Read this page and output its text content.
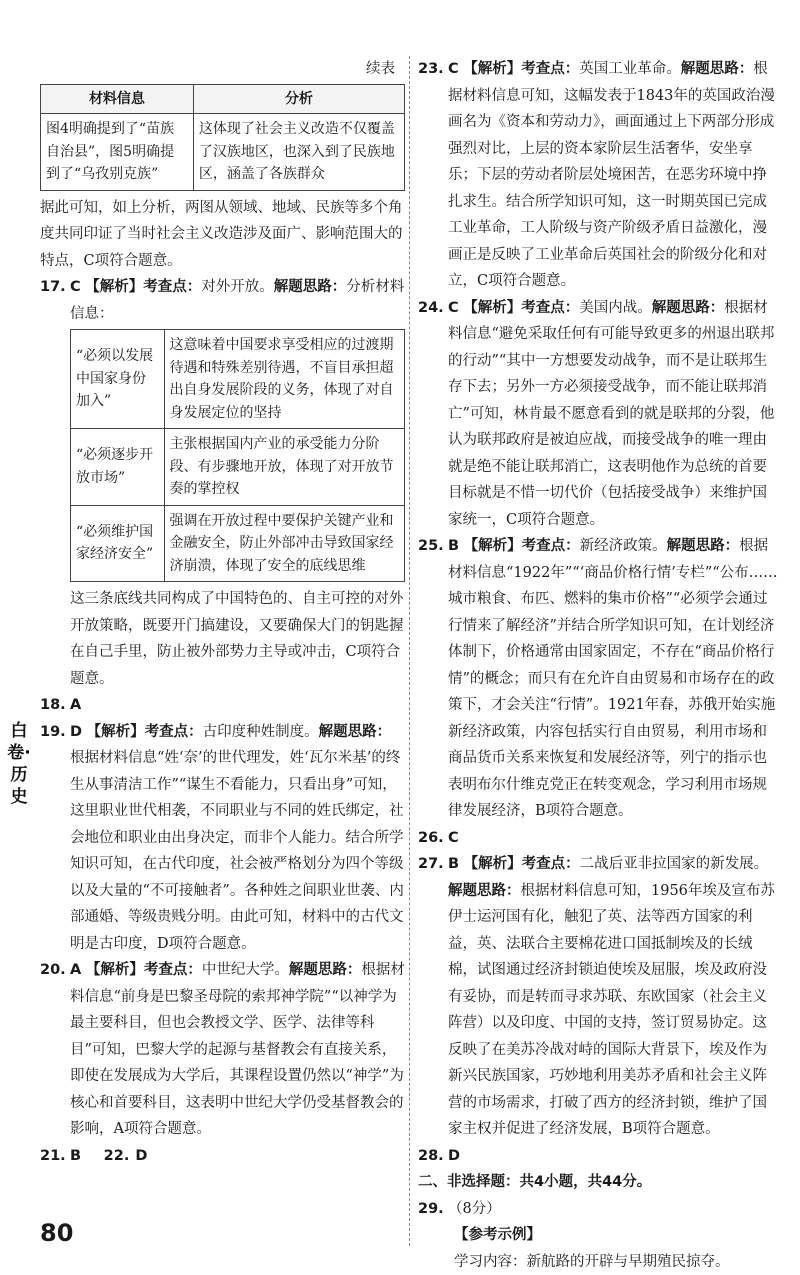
白卷·历史
续表
材料信息	分析
图4明确提到了“苗族自治县”，图5明确提到了“乌孜别克族”	这体现了社会主义改造不仅覆盖了汉族地区，也深入到了民族地区，涵盖了各族群众
据此可知，如上分析，两图从领域、地域、民族等多个角度共同印证了当时社会主义改造涉及面广、影响范围大的特点，C项符合题意。
17. C 【解析】考查点：对外开放。解题思路：分析材料信息：
“必须以发展中国家身份加入”	这意味着中国要求享受相应的过渡期待遇和特殊差别待遇，不盲目承担超出自身发展阶段的义务，体现了对自身发展定位的坚持
“必须逐步开放市场”	主张根据国内产业的承受能力分阶段、有步骤地开放，体现了对开放节奏的掌控权
“必须维护国家经济安全”	强调在开放过程中要保护关键产业和金融安全，防止外部冲击导致国家经济崩溃，体现了安全的底线思维
这三条底线共同构成了中国特色的、自主可控的对外开放策略，既要开门搞建设，又要确保大门的钥匙握在自己手里，防止被外部势力主导或冲击，C项符合题意。
18. A
19. D 【解析】考查点：古印度种姓制度。解题思路：根据材料信息“姓‘奈’的世代理发，姓‘瓦尔米基’的终生从事清洁工作”“谋生不看能力，只看出身”可知，这里职业世代相袭，不同职业与不同的姓氏绑定，社会地位和职业由出身决定，而非个人能力。结合所学知识可知，在古代印度，社会被严格划分为四个等级以及大量的“不可接触者”。各种姓之间职业世袭、内部通婚、等级贵贱分明。由此可知，材料中的古代文明是古印度，D项符合题意。
20. A 【解析】考查点：中世纪大学。解题思路：根据材料信息“前身是巴黎圣母院的索邦神学院”“以神学为最主要科目，但也会教授文学、医学、法律等科目”可知，巴黎大学的起源与基督教会有直接关系，即使在发展成为大学后，其课程设置仍然以“神学”为核心和首要科目，这表明中世纪大学仍受基督教会的影响，A项符合题意。
21. B 22. D
23. C 【解析】考查点：英国工业革命。解题思路：根据材料信息可知，这幅发表于1843年的英国政治漫画名为《资本和劳动力》，画面通过上下两部分形成强烈对比，上层的资本家阶层生活奢华，安坐享乐；下层的劳动者阶层处境困苦，在恶劣环境中挣扎求生。结合所学知识可知，这一时期英国已完成工业革命，工人阶级与资产阶级矛盾日益激化，漫画正是反映了工业革命后英国社会的阶级分化和对立，C项符合题意。
24. C 【解析】考查点：美国内战。解题思路：根据材料信息“避免采取任何有可能导致更多的州退出联邦的行动”“其中一方想要发动战争，而不是让联邦生存下去；另外一方必须接受战争，而不能让联邦消亡”可知，林肯最不愿意看到的就是联邦的分裂，他认为联邦政府是被迫应战，而接受战争的唯一理由就是绝不能让联邦消亡，这表明他作为总统的首要目标就是不惜一切代价（包括接受战争）来维护国家统一，C项符合题意。
25. B 【解析】考查点：新经济政策。解题思路：根据材料信息“1922年”“‘商品价格行情’专栏”“公布……城市粮食、布匹、燃料的集市价格”“必须学会通过行情来了解经济”并结合所学知识可知，在计划经济体制下，价格通常由国家固定，不存在“商品价格行情”的概念；而只有在允许自由贸易和市场存在的政策下，才会关注“行情”。1921年春，苏俄开始实施新经济政策，内容包括实行自由贸易，利用市场和商品货币关系来恢复和发展经济等，列宁的指示也表明布尔什维克党正在转变观念，学习利用市场规律发展经济，B项符合题意。
26. C
27. B 【解析】考查点：二战后亚非拉国家的新发展。解题思路：根据材料信息可知，1956年埃及宣布苏伊士运河国有化，触犯了英、法等西方国家的利益，英、法联合主要棉花进口国抵制埃及的长绒棉，试图通过经济封锁迫使埃及屈服，埃及政府没有妥协，而是转而寻求苏联、东欧国家（社会主义阵营）以及印度、中国的支持，签订贸易协定。这反映了在美苏冷战对峙的国际大背景下，埃及作为新兴民族国家，巧妙地利用美苏矛盾和社会主义阵营的市场需求，打破了西方的经济封锁，维护了国家主权并促进了经济发展，B项符合题意。
28. D
二、非选择题：共4小题，共44分。
29. （8分）
【参考示例】
学习内容：新航路的开辟与早期殖民掠夺。
80
